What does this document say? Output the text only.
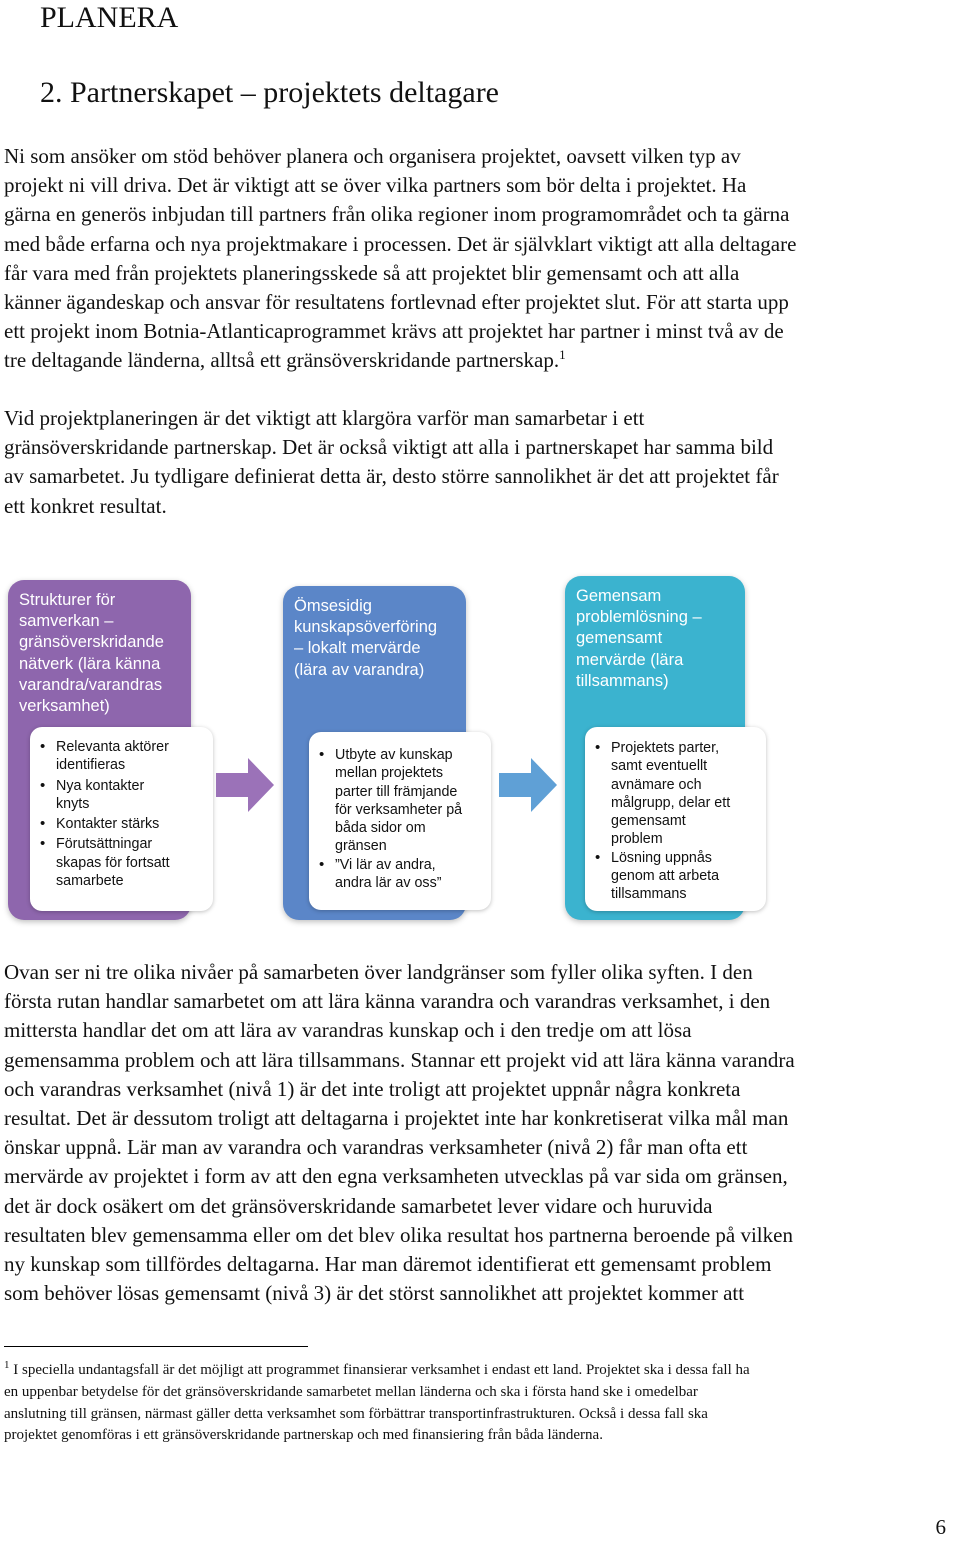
PLANERA
2. Partnerskapet – projektets deltagare

Ni som ansöker om stöd behöver planera och organisera projektet, oavsett vilken typ av

projekt ni vill driva. Det är viktigt att se över vilka partners som bör delta i projektet. Ha

gärna en generös inbjudan till partners från olika regioner inom programområdet och ta gärna

med både erfarna och nya projektmakare i processen. Det är självklart viktigt att alla deltagare

får vara med från projektets planeringsskede så att projektet blir gemensamt och att alla

känner ägandeskap och ansvar för resultatens fortlevnad efter projektet slut. För att starta upp

ett projekt inom Botnia-Atlanticaprogrammet krävs att projektet har partner i minst två av de

tre deltagande länderna, alltså ett gränsöverskridande partnerskap.$^1$

Vid projektplaneringen är det viktigt att klargöra varför man samarbetar i ett

gränsöverskridande partnerskap. Det är också viktigt att alla i partnerskapet har samma bild

av samarbetet. Ju tydligare definierat detta är, desto större sannolikhet är det att projektet får

ett konkret resultat.

Strukturer för
samverkan –
gränsöverskridande
nätverk (lära känna
varandra/varandras
verksamhet)
• Relevanta aktörer
identifieras
• Nya kontakter
knyts
• Kontakter stärks
• Förutsättningar
skapas för fortsatt
samarbete
Ömsesidig
kunskapsöverföring
– lokalt mervärde
(lära av varandra)
• Utbyte av kunskap
mellan projektets
parter till främjande
för verksamheter på
båda sidor om
gränsen
• ”Vi lär av andra,
andra lär av oss”
Gemensam
problemlösning –
gemensamt
mervärde (lära
tillsammans)
• Projektets parter,
samt eventuellt
avnämare och
målgrupp, delar ett
gemensamt
problem
• Lösning uppnås
genom att arbeta
tillsammans

Ovan ser ni tre olika nivåer på samarbeten över landgränser som fyller olika syften. I den

första rutan handlar samarbetet om att lära känna varandra och varandras verksamhet, i den

mittersta handlar det om att lära av varandras kunskap och i den tredje om att lösa

gemensamma problem och att lära tillsammans. Stannar ett projekt vid att lära känna varandra

och varandras verksamhet (nivå 1) är det inte troligt att projektet uppnår några konkreta

resultat. Det är dessutom troligt att deltagarna i projektet inte har konkretiserat vilka mål man

önskar uppnå. Lär man av varandra och varandras verksamheter (nivå 2) får man ofta ett

mervärde av projektet i form av att den egna verksamheten utvecklas på var sida om gränsen,

det är dock osäkert om det gränsöverskridande samarbetet lever vidare och huruvida

resultaten blev gemensamma eller om det blev olika resultat hos partnerna beroende på vilken

ny kunskap som tillfördes deltagarna. Har man däremot identifierat ett gemensamt problem

som behöver lösas gemensamt (nivå 3) är det störst sannolikhet att projektet kommer att

$^1$ I speciella undantagsfall är det möjligt att programmet finansierar verksamhet i endast ett land. Projektet ska i dessa fall ha
en uppenbar betydelse för det gränsöverskridande samarbetet mellan länderna och ska i första hand ske i omedelbar
anslutning till gränsen, närmast gäller detta verksamhet som förbättrar transportinfrastrukturen. Också i dessa fall ska
projektet genomföras i ett gränsöverskridande partnerskap och med finansiering från båda länderna.
6
